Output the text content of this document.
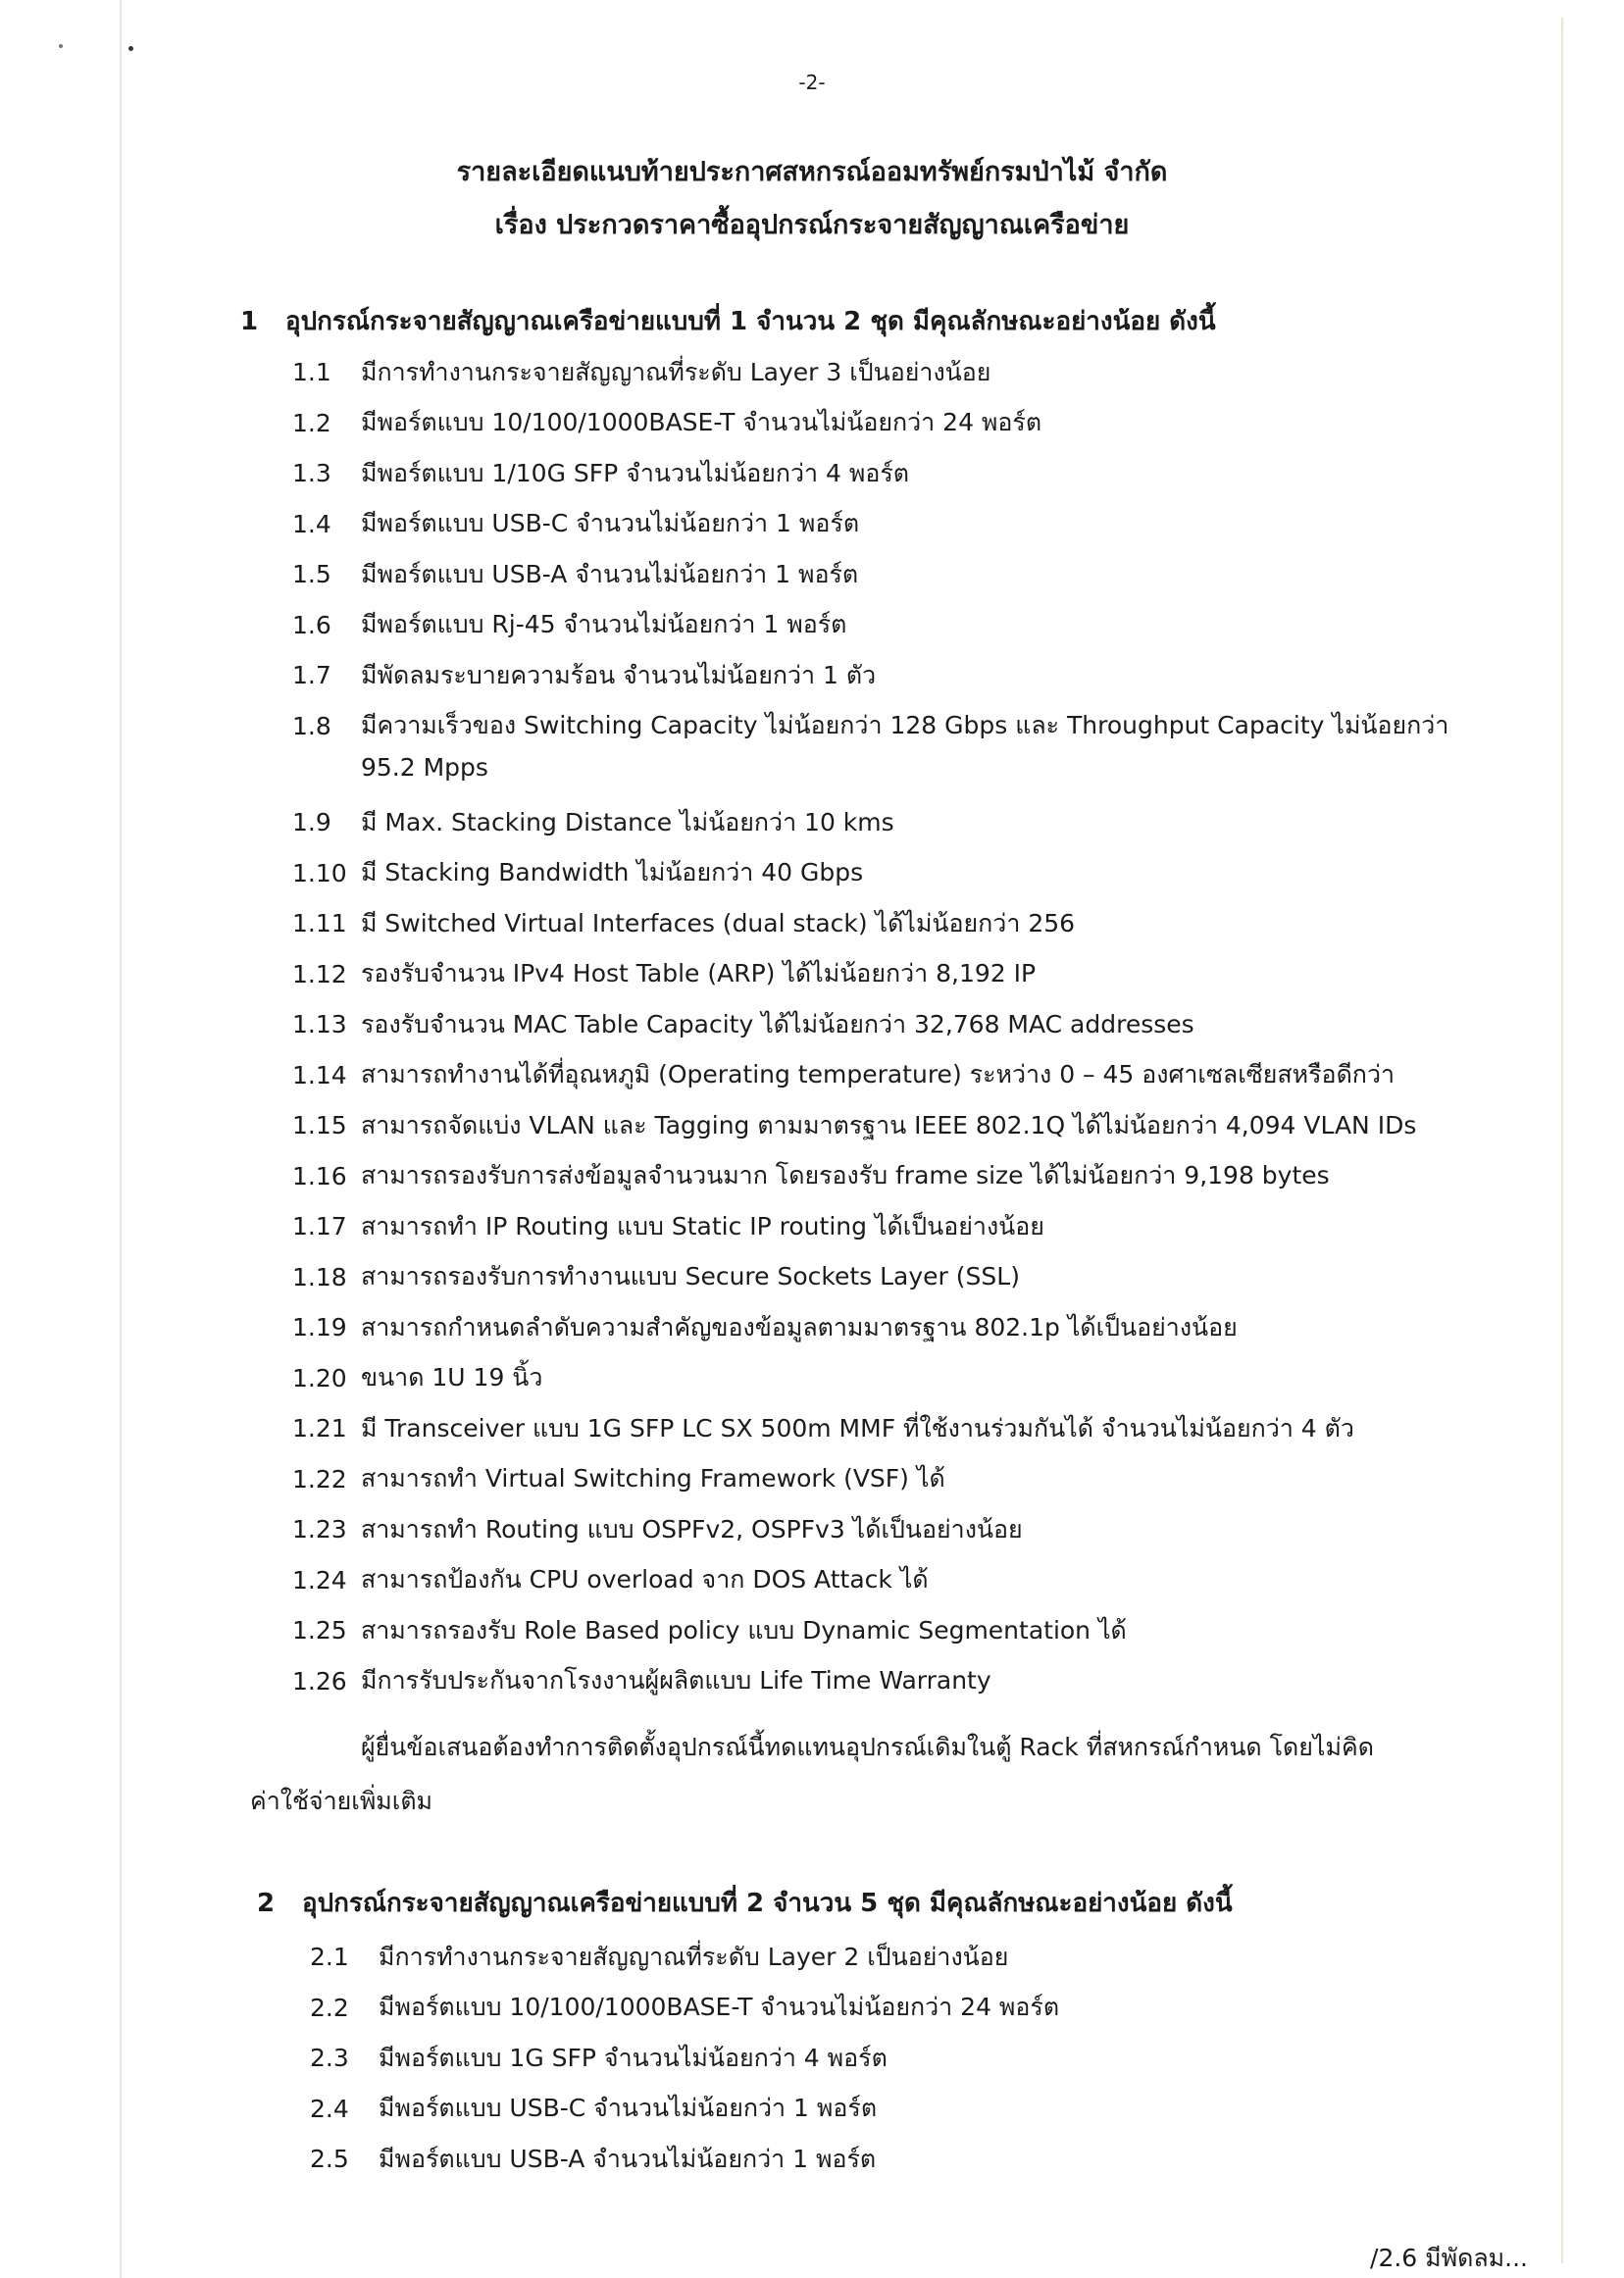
-2-
รายละเอียดแนบท้ายประกาศสหกรณ์ออมทรัพย์กรมป่าไม้ จำกัด
เรื่อง ประกวดราคาซื้ออุปกรณ์กระจายสัญญาณเครือข่าย
1 อุปกรณ์กระจายสัญญาณเครือข่ายแบบที่ 1 จำนวน 2 ชุด มีคุณลักษณะอย่างน้อย ดังนี้
1.1	มีการทำงานกระจายสัญญาณที่ระดับ Layer 3 เป็นอย่างน้อย
1.2	มีพอร์ตแบบ 10/100/1000BASE-T จำนวนไม่น้อยกว่า 24 พอร์ต
1.3	มีพอร์ตแบบ 1/10G SFP จำนวนไม่น้อยกว่า 4 พอร์ต
1.4	มีพอร์ตแบบ USB-C จำนวนไม่น้อยกว่า 1 พอร์ต
1.5	มีพอร์ตแบบ USB-A จำนวนไม่น้อยกว่า 1 พอร์ต
1.6	มีพอร์ตแบบ Rj-45 จำนวนไม่น้อยกว่า 1 พอร์ต
1.7	มีพัดลมระบายความร้อน จำนวนไม่น้อยกว่า 1 ตัว
1.8	มีความเร็วของ Switching Capacity ไม่น้อยกว่า 128 Gbps และ Throughput Capacity ไม่น้อยกว่า
95.2 Mpps
1.9	มี Max. Stacking Distance ไม่น้อยกว่า 10 kms
1.10 มี Stacking Bandwidth ไม่น้อยกว่า 40 Gbps
1.11 มี Switched Virtual Interfaces (dual stack) ได้ไม่น้อยกว่า 256
1.12 รองรับจำนวน IPv4 Host Table (ARP) ได้ไม่น้อยกว่า 8,192 IP
1.13 รองรับจำนวน MAC Table Capacity ได้ไม่น้อยกว่า 32,768 MAC addresses
1.14 สามารถทำงานได้ที่อุณหภูมิ (Operating temperature) ระหว่าง 0 – 45 องศาเซลเซียสหรือดีกว่า
1.15 สามารถจัดแบ่ง VLAN และ Tagging ตามมาตรฐาน IEEE 802.1Q ได้ไม่น้อยกว่า 4,094 VLAN IDs
1.16 สามารถรองรับการส่งข้อมูลจำนวนมาก โดยรองรับ frame size ได้ไม่น้อยกว่า 9,198 bytes
1.17 สามารถทำ IP Routing แบบ Static IP routing ได้เป็นอย่างน้อย
1.18 สามารถรองรับการทำงานแบบ Secure Sockets Layer (SSL)
1.19 สามารถกำหนดลำดับความสำคัญของข้อมูลตามมาตรฐาน 802.1p ได้เป็นอย่างน้อย
1.20 ขนาด 1U 19 นิ้ว
1.21 มี Transceiver แบบ 1G SFP LC SX 500m MMF ที่ใช้งานร่วมกันได้ จำนวนไม่น้อยกว่า 4 ตัว
1.22 สามารถทำ Virtual Switching Framework (VSF) ได้
1.23 สามารถทำ Routing แบบ OSPFv2, OSPFv3 ได้เป็นอย่างน้อย
1.24 สามารถป้องกัน CPU overload จาก DOS Attack ได้
1.25 สามารถรองรับ Role Based policy แบบ Dynamic Segmentation ได้
1.26 มีการรับประกันจากโรงงานผู้ผลิตแบบ Life Time Warranty
ผู้ยื่นข้อเสนอต้องทำการติดตั้งอุปกรณ์นี้ทดแทนอุปกรณ์เดิมในตู้ Rack ที่สหกรณ์กำหนด โดยไม่คิด
ค่าใช้จ่ายเพิ่มเติม
2 อุปกรณ์กระจายสัญญาณเครือข่ายแบบที่ 2 จำนวน 5 ชุด มีคุณลักษณะอย่างน้อย ดังนี้
2.1	มีการทำงานกระจายสัญญาณที่ระดับ Layer 2 เป็นอย่างน้อย
2.2	มีพอร์ตแบบ 10/100/1000BASE-T จำนวนไม่น้อยกว่า 24 พอร์ต
2.3	มีพอร์ตแบบ 1G SFP จำนวนไม่น้อยกว่า 4 พอร์ต
2.4	มีพอร์ตแบบ USB-C จำนวนไม่น้อยกว่า 1 พอร์ต
2.5	มีพอร์ตแบบ USB-A จำนวนไม่น้อยกว่า 1 พอร์ต
/2.6 มีพัดลม...
